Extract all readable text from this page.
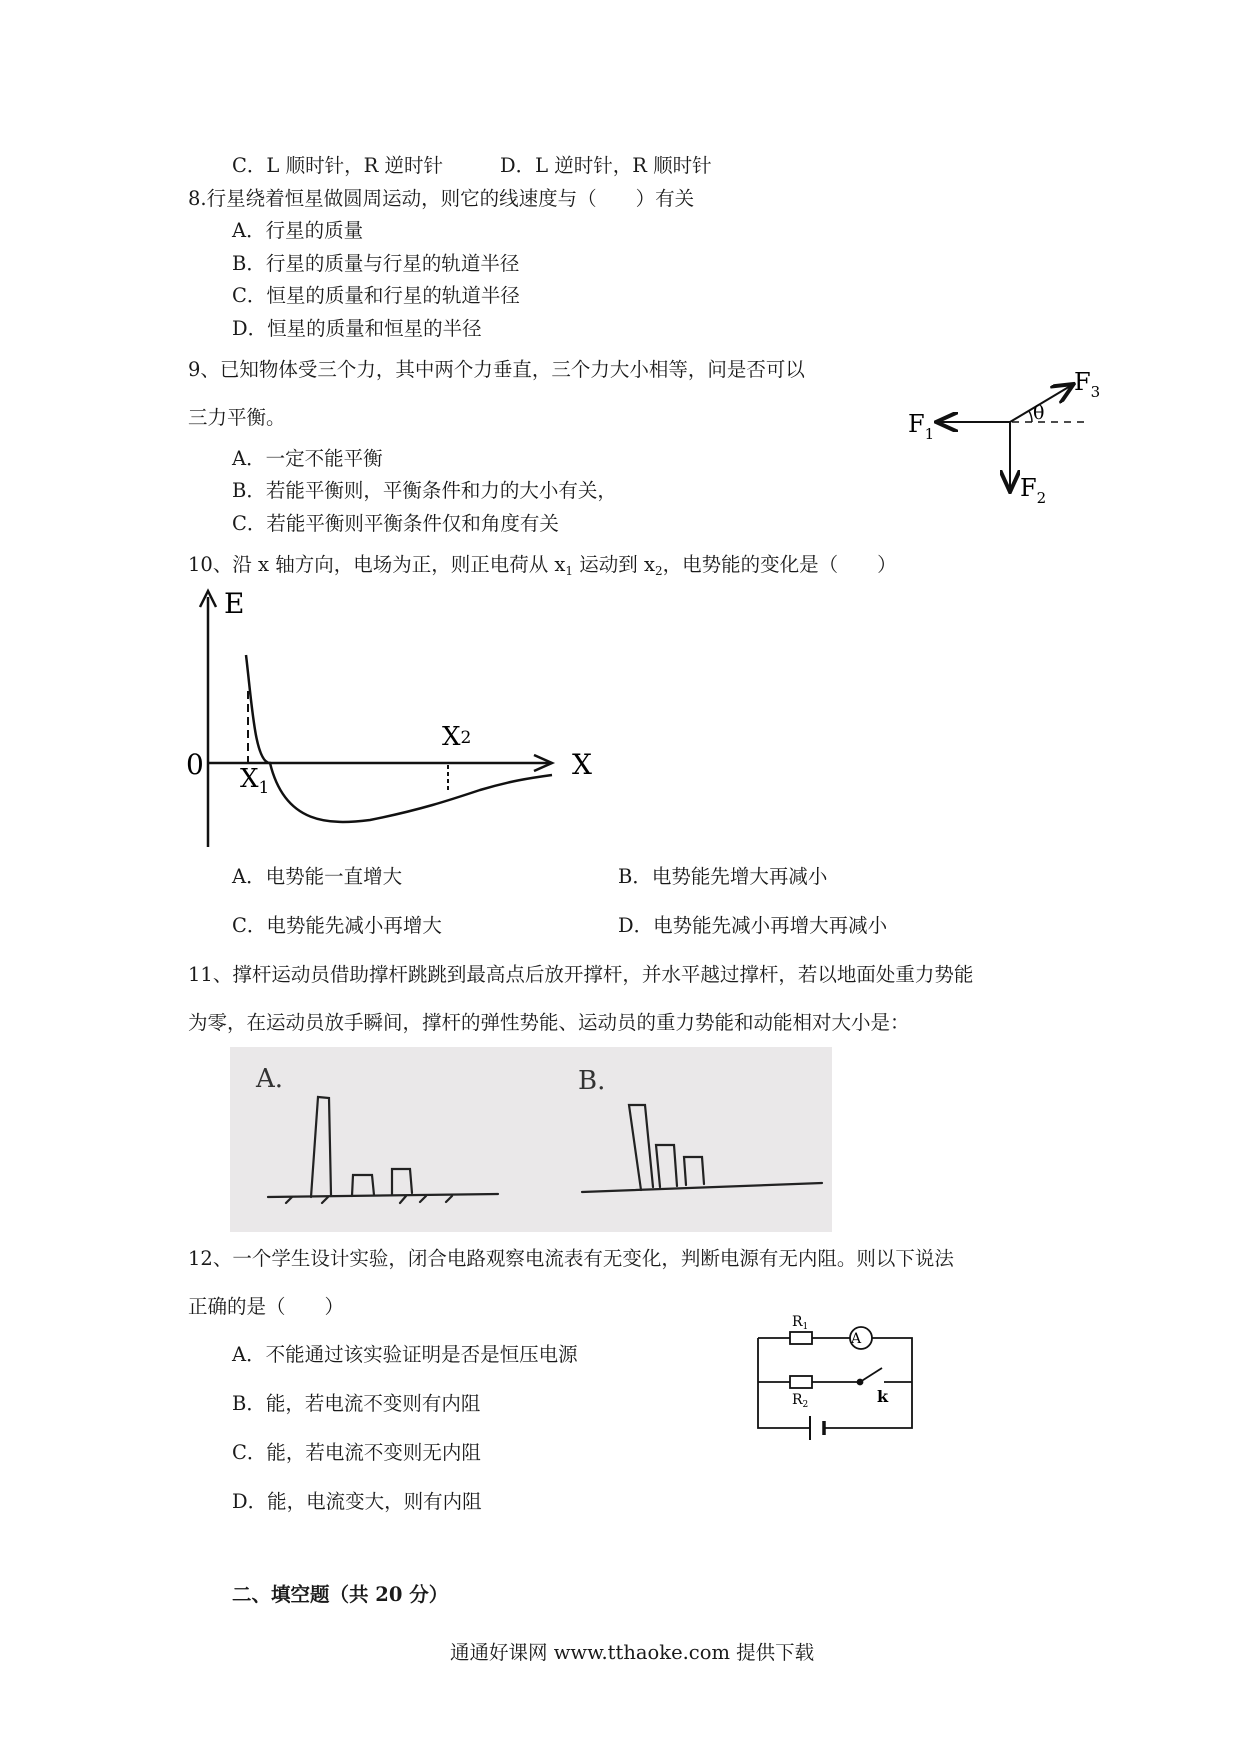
C．L 顺时针，R 逆时针	D．L 逆时针，R 顺时针
8.行星绕着恒星做圆周运动，则它的线速度与（　　）有关
A．行星的质量
B．行星的质量与行星的轨道半径
C．恒星的质量和行星的轨道半径
D．恒星的质量和恒星的半径
9、已知物体受三个力，其中两个力垂直，三个力大小相等，问是否可以
三力平衡。
A．一定不能平衡
B．若能平衡则，平衡条件和力的大小有关，
C．若能平衡则平衡条件仅和角度有关
θ
$F_1$
$F_2$
$F_3$
10、沿 x 轴方向，电场为正，则正电荷从 $x_1$ 运动到 $x_2$，电势能的变化是（　　）
E
X
0 $X_1$
X2
A．电势能一直增大	B．电势能先增大再减小
C．电势能先减小再增大	D．电势能先减小再增大再减小
11、撑杆运动员借助撑杆跳跳到最高点后放开撑杆，并水平越过撑杆，若以地面处重力势能
为零，在运动员放手瞬间，撑杆的弹性势能、运动员的重力势能和动能相对大小是：
A.	B.
12、一个学生设计实验，闭合电路观察电流表有无变化，判断电源有无内阻。则以下说法
正确的是（　　）
A．不能通过该实验证明是否是恒压电源
B．能，若电流不变则有内阻
C．能，若电流不变则无内阻
D．能，电流变大，则有内阻
A
$R_1$
$R_2$	k
二、填空题（共 20 分）
通通好课网 www.tthaoke.com 提供下载
